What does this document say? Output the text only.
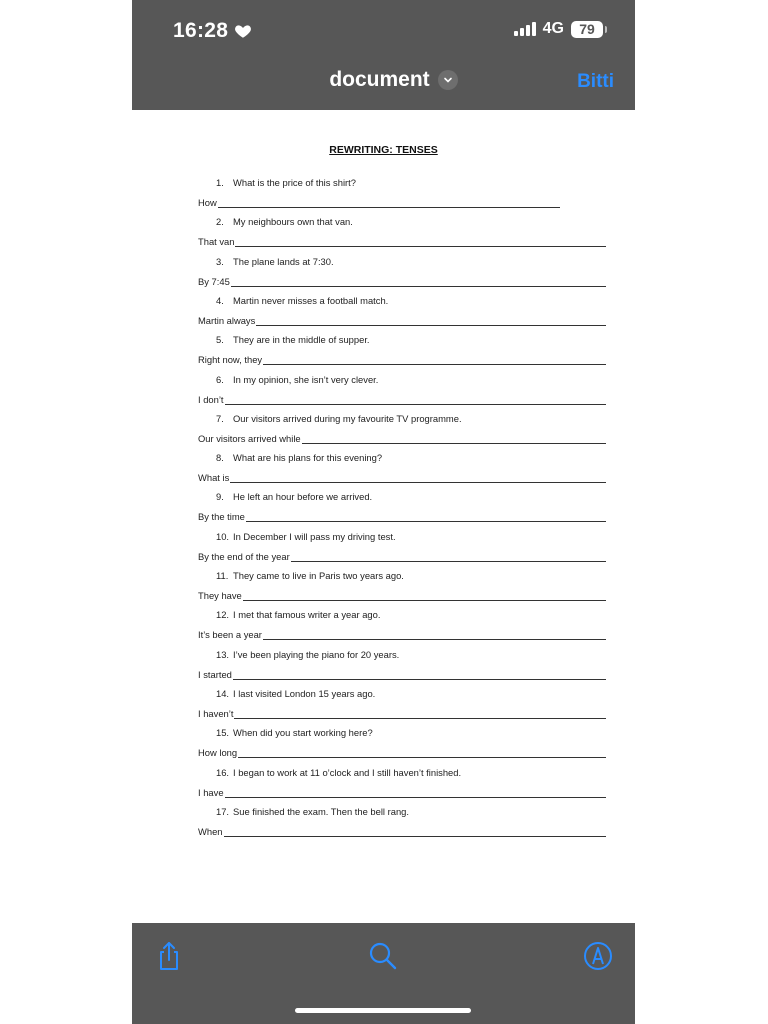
16:28	4G	79
document	Bitti
REWRITING: TENSES
1. What is the price of this shirt?
How
2. My neighbours own that van.
That van
3. The plane lands at 7:30.
By 7:45
4. Martin never misses a football match.
Martin always
5. They are in the middle of supper.
Right now, they
6. In my opinion, she isn’t very clever.
I don’t
7. Our visitors arrived during my favourite TV programme.
Our visitors arrived while
8. What are his plans for this evening?
What is
9. He left an hour before we arrived.
By the time
10. In December I will pass my driving test.
By the end of the year
11. They came to live in Paris two years ago.
They have
12. I met that famous writer a year ago.
It’s been a year
13. I’ve been playing the piano for 20 years.
I started
14. I last visited London 15 years ago.
I haven’t
15. When did you start working here?
How long
16. I began to work at 11 o’clock and I still haven’t finished.
I have
17. Sue finished the exam. Then the bell rang.
When
